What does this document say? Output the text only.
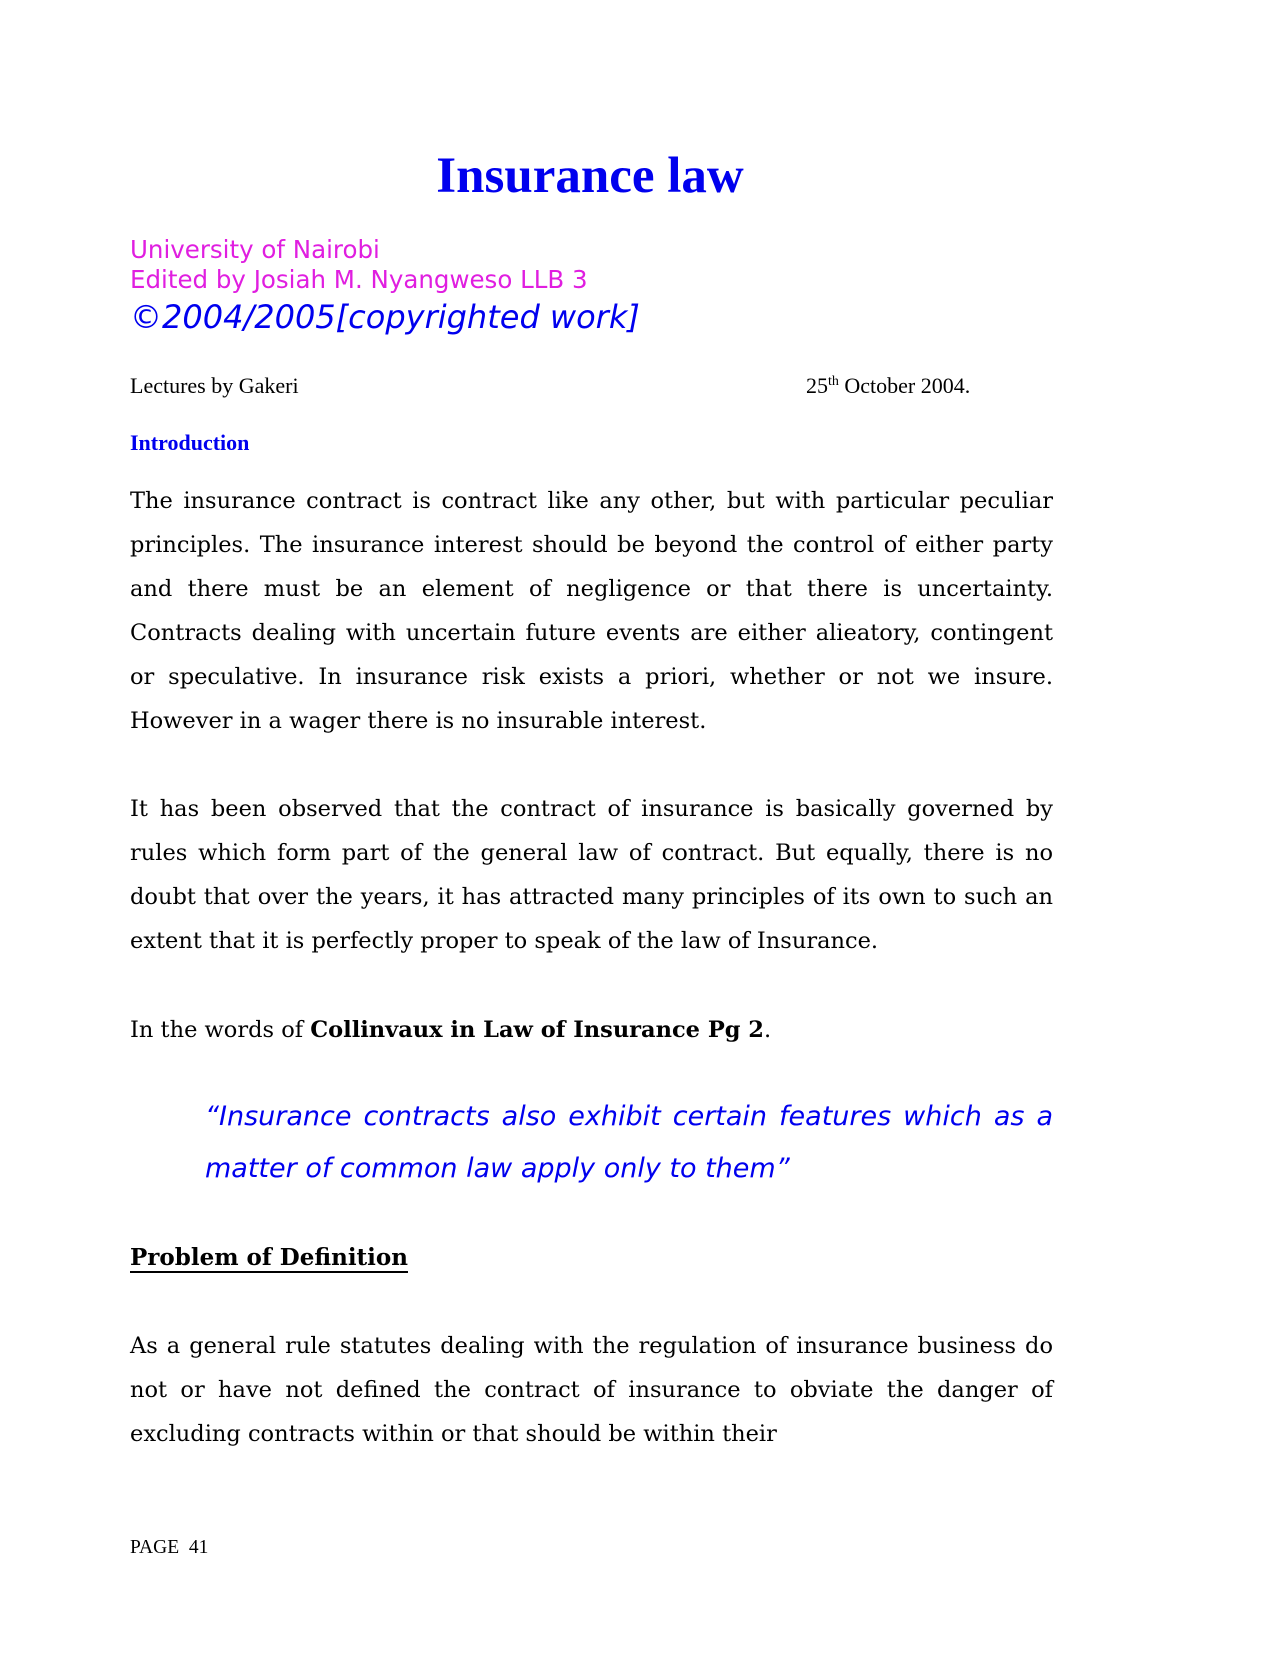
Insurance law
University of Nairobi
Edited by Josiah M. Nyangweso LLB 3
©2004/2005[copyrighted work]
Lectures by Gakeri	25th October 2004.
Introduction

The insurance contract is contract like any other, but with particular peculiar principles. The insurance interest should be beyond the control of either party and there must be an element of negligence or that there is uncertainty. Contracts dealing with uncertain future events are either alieatory, contingent or speculative. In insurance risk exists a priori, whether or not we insure. However in a wager there is no insurable interest.

It has been observed that the contract of insurance is basically governed by rules which form part of the general law of contract. But equally, there is no doubt that over the years, it has attracted many principles of its own to such an extent that it is perfectly proper to speak of the law of Insurance.

In the words of Collinvaux in Law of Insurance Pg 2.

“Insurance contracts also exhibit certain features which as a matter of common law apply only to them”

Problem of Definition

As a general rule statutes dealing with the regulation of insurance business do not or have not defined the contract of insurance to obviate the danger of excluding contracts within or that should be within their

PAGE  41
